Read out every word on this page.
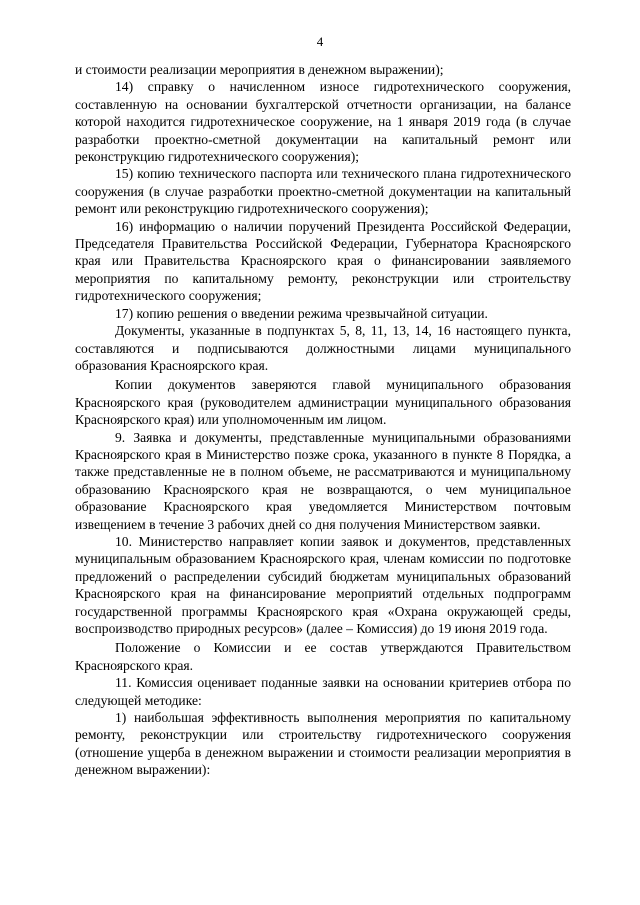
4

и стоимости реализации мероприятия в денежном выражении);

14) справку о начисленном износе гидротехнического сооружения, составленную на основании бухгалтерской отчетности организации, на балансе которой находится гидротехническое сооружение, на 1 января 2019 года (в случае разработки проектно-сметной документации на капитальный ремонт или реконструкцию гидротехнического сооружения);

15) копию технического паспорта или технического плана гидротехнического сооружения (в случае разработки проектно-сметной документации на капитальный ремонт или реконструкцию гидротехнического сооружения);

16) информацию о наличии поручений Президента Российской Федерации, Председателя Правительства Российской Федерации, Губернатора Красноярского края или Правительства Красноярского края о финансировании заявляемого мероприятия по капитальному ремонту, реконструкции или строительству гидротехнического сооружения;

17) копию решения о введении режима чрезвычайной ситуации.

Документы, указанные в подпунктах 5, 8, 11, 13, 14, 16 настоящего пункта, составляются и подписываются должностными лицами муниципального образования Красноярского края.

Копии документов заверяются главой муниципального образования Красноярского края (руководителем администрации муниципального образования Красноярского края) или уполномоченным им лицом.

9. Заявка и документы, представленные муниципальными образованиями Красноярского края в Министерство позже срока, указанного в пункте 8 Порядка, а также представленные не в полном объеме, не рассматриваются и муниципальному образованию Красноярского края не возвращаются, о чем муниципальное образование Красноярского края уведомляется Министерством почтовым извещением в течение 3 рабочих дней со дня получения Министерством заявки.

10. Министерство направляет копии заявок и документов, представленных муниципальным образованием Красноярского края, членам комиссии по подготовке предложений о распределении субсидий бюджетам муниципальных образований Красноярского края на финансирование мероприятий отдельных подпрограмм государственной программы Красноярского края «Охрана окружающей среды, воспроизводство природных ресурсов» (далее – Комиссия) до 19 июня 2019 года.

Положение о Комиссии и ее состав утверждаются Правительством Красноярского края.

11. Комиссия оценивает поданные заявки на основании критериев отбора по следующей методике:

1) наибольшая эффективность выполнения мероприятия по капитальному ремонту, реконструкции или строительству гидротехнического сооружения (отношение ущерба в денежном выражении и стоимости реализации мероприятия в денежном выражении):
